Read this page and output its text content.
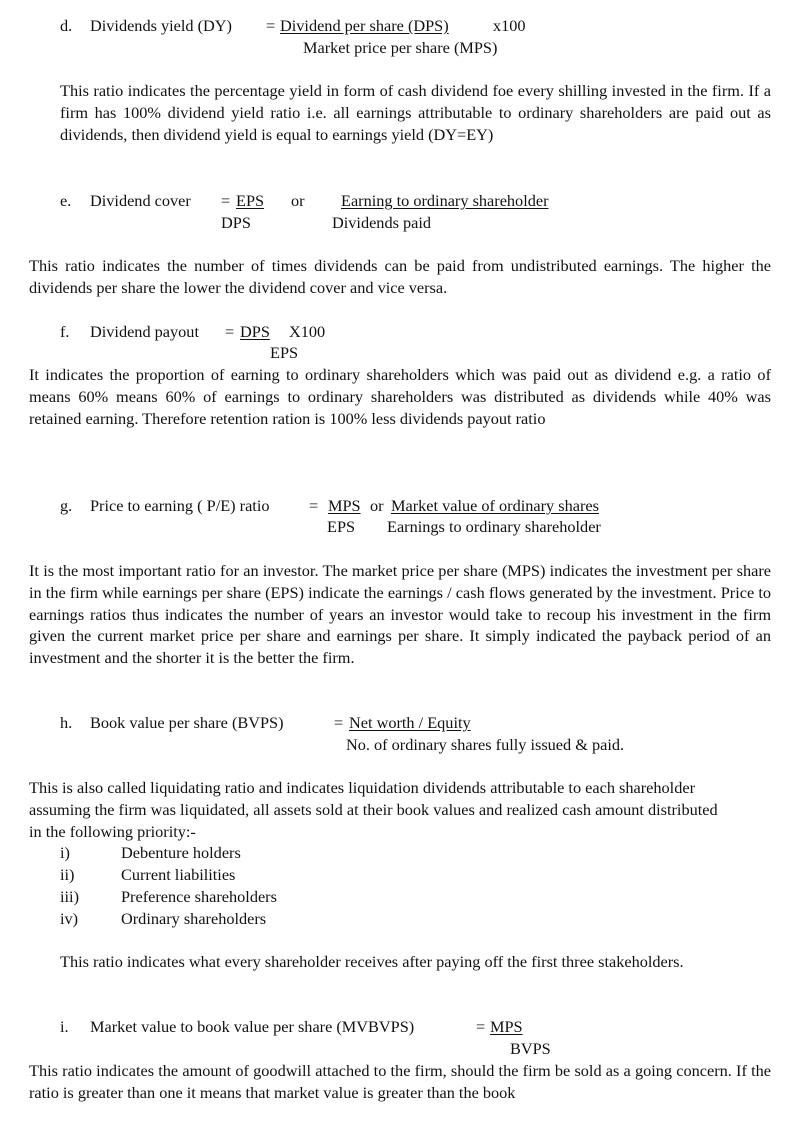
d. Dividends yield (DY) = Dividend per share (DPS)	x100
Market price per share (MPS)

This ratio indicates the percentage yield in form of cash dividend foe every shilling invested in the firm. If a firm has 100% dividend yield ratio i.e. all earnings attributable to ordinary shareholders are paid out as dividends, then dividend yield is equal to earnings yield (DY=EY)

e. Dividend cover = EPS or Earning to ordinary shareholder
DPS	Dividends paid

This ratio indicates the number of times dividends can be paid from undistributed earnings. The higher the dividends per share the lower the dividend cover and vice versa.

f. Dividend payout = DPS X100
EPS

It indicates the proportion of earning to ordinary shareholders which was paid out as dividend e.g. a ratio of means 60% means 60% of earnings to ordinary shareholders was distributed as dividends while 40% was retained earning. Therefore retention ration is 100% less dividends payout ratio

g. Price to earning ( P/E) ratio = MPS or Market value of ordinary shares
EPS Earnings to ordinary shareholder

It is the most important ratio for an investor. The market price per share (MPS) indicates the investment per share in the firm while earnings per share (EPS) indicate the earnings / cash flows generated by the investment. Price to earnings ratios thus indicates the number of years an investor would take to recoup his investment in the firm given the current market price per share and earnings per share. It simply indicated the payback period of an investment and the shorter it is the better the firm.

h. Book value per share (BVPS)	= Net worth / Equity
No. of ordinary shares fully issued & paid.

This is also called liquidating ratio and indicates liquidation dividends attributable to each shareholder assuming the firm was liquidated, all assets sold at their book values and realized cash amount distributed in the following priority:-

i)	Debenture holders
ii)	Current liabilities
iii)	Preference shareholders
iv)	Ordinary shareholders

This ratio indicates what every shareholder receives after paying off the first three stakeholders.

i. Market value to book value per share (MVBVPS)	= MPS
BVPS

This ratio indicates the amount of goodwill attached to the firm, should the firm be sold as a going concern. If the ratio is greater than one it means that market value is greater than the book
